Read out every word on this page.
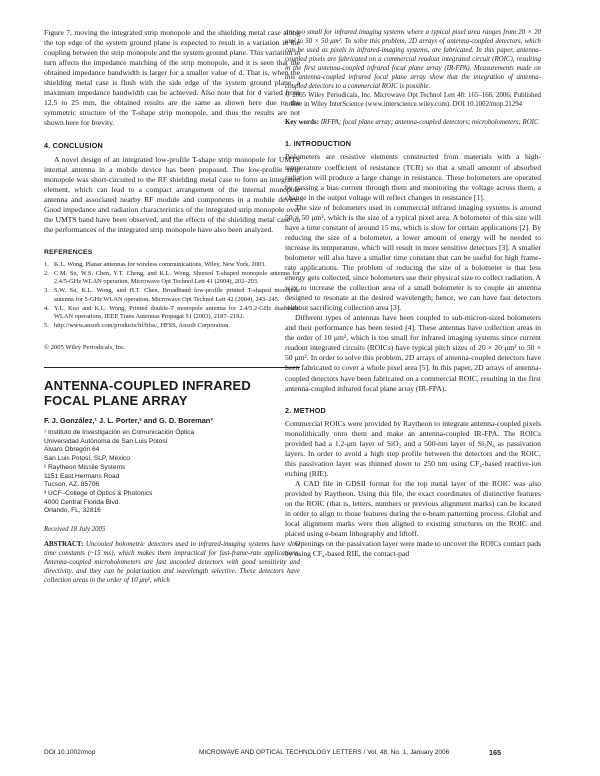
Figure 7, moving the integrated strip monopole and the shielding metal case along the top edge of the system ground plane is expected to result in a variation in the coupling between the strip monopole and the system ground plane. This variation in turn affects the impedance matching of the strip monopole, and it is seen that the obtained impedance bandwidth is larger for a smaller value of d. That is, when the shielding metal case is flush with the side edge of the system ground plane, a maximum impedance bandwidth can be achieved. Also note that for d varied from 12.5 to 25 mm, the obtained results are the same as shown here due to the symmetric structure of the T-shape strip monopole, and thus the results are not shown here for brevity.

4. CONCLUSION

A novel design of an integrated low-profile T-shape strip monopole for UMTS internal antenna in a mobile device has been proposed. The low-profile strip monopole was short-circuited to the RF shielding metal case to form an integrated element, which can lead to a compact arrangement of the internal monopole antenna and associated nearby RF module and components in a mobile device. Good impedance and radiation characteristics of the integrated strip monopole over the UMTS band have been observed, and the effects of the shielding metal case on the performances of the integrated strip monopole have also been analyzed.

REFERENCES
1. K.L. Wong, Planar antennas for wireless communications, Wiley, New York, 2003.
2. C.M. Su, W.S. Chen, Y.T. Cheng, and K.L. Wong, Shorted T-shaped monopole antenna for 2.4/5-GHz WLAN operation, Microwave Opt Technol Lett 41 (2004), 202–203.
3. S.W. Su, K.L. Wong, and H.T. Chen, Broadband low-profile printed T-shaped monopole antenna for 5-GHz WLAN operation, Microwave Opt Technol Lett 42 (2004), 243–245.
4. Y.L. Kuo and K.L. Wong, Printed double-T monopole antenna for 2.4/5.2-GHz dual-band WLAN operations, IEEE Trans Antennas Propagat 51 (2003), 2187–2192.
5. http://www.ansoft.com/products/hf/hfss/, HFSS, Ansoft Corporation.
© 2005 Wiley Periodicals, Inc.
ANTENNA-COUPLED INFRARED FOCAL PLANE ARRAY
F. J. González,¹ J. L. Porter,² and G. D. Boreman³
¹ Instituto de Investigación en Comunicación Óptica
Universidad Autónoma de San Luis Potosí
Alvaro Obregón 64
San Luis Potosí, SLP, México
² Raytheon Missile Systems
1151 East Hermans Road
Tucson, AZ, 85706
³ UCF–College of Optics & Photonics
4000 Central Florida Blvd.
Orlando, FL, 32816
Received 18 July 2005

ABSTRACT: Uncooled bolometric detectors used in infrared-imaging systems have slow time constants (~15 ms), which makes them impractical for fast-frame-rate applications. Antenna-coupled microbolometers are fast uncooled detectors with good sensitivity and directivity, and they can be polarization and wavelength selective. These detectors have collection areas in the order of 10 μm², which

are too small for infrared imaging systems where a typical pixel area ranges from 20 × 20 μm² to 50 × 50 μm². To solve this problem, 2D arrays of antenna-coupled detectors, which can be used as pixels in infrared-imaging systems, are fabricated. In this paper, antenna-coupled pixels are fabricated on a commercial readout integrated circuit (ROIC), resulting in the first antenna-coupled infrared focal plane array (IR-FPA). Measurements made on this antenna-coupled infrared focal plane array show that the integration of antenna-coupled detectors to a commercial ROIC is possible.

© 2005 Wiley Periodicals, Inc. Microwave Opt Technol Lett 48: 165–166, 2006; Published online in Wiley InterScience (www.interscience.wiley.com). DOI 10.1002/mop.21294

Key words: IRFPA; focal plane array; antenna-coupled detectors; microbolometers; ROIC

1. INTRODUCTION

Bolometers are resistive elements constructed from materials with a high-temperature coefficient of resistance (TCR) so that a small amount of absorbed radiation will produce a large change in resistance. These bolometers are operated by passing a bias current through them and monitoring the voltage across them, a change in the output voltage will reflect changes in resistance [1].

The size of bolometers used in commercial infrared imaging systems is around 50 × 50 μm², which is the size of a typical pixel area. A bolometer of this size will have a time constant of around 15 ms, which is slow for certain applications [2]. By reducing the size of a bolometer, a lower amount of energy will be needed to increase its temperature, which will result in more sensitive detectors [3]. A smaller bolometer will also have a smaller time constant that can be useful for high frame-rate applications. The problem of reducing the size of a bolometer is that less energy gets collected, since bolometers use their physical size to collect radiation. A way to increase the collection area of a small bolometer is to couple an antenna designed to resonate at the desired wavelength; hence, we can have fast detectors without sacrificing collection area [3].

Different types of antennas have been coupled to sub-micron-sized bolometers and their performance has been tested [4]. These antennas have collection areas in the order of 10 μm², which is too small for infrared imaging systems since current readout integrated circuits (ROICs) have typical pitch sizes of 20 × 20 μm² to 50 × 50 μm². In order to solve this problem, 2D arrays of antenna-coupled detectors have been fabricated to cover a whole pixel area [5]. In this paper, 2D arrays of antenna-coupled detectors have been fabricated on a commercial ROIC, resulting in the first antenna-coupled infrared focal plane array (IR-FPA).

2. METHOD

Commercial ROICs were provided by Raytheon to integrate antenna-coupled pixels monolithically onto them and make an antenna-coupled IR-FPA. The ROICs provided had a 1.2-μm layer of SiO₂ and a 500-nm layer of Si₃N₄ as passivation layers. In order to avoid a high step profile between the detectors and the ROIC, this passivation layer was thinned down to 250 nm using CF₄-based reactive-ion etching (RIE).

A CAD file in GDSII format for the top metal layer of the ROIC was also provided by Raytheon. Using this file, the exact coordinates of distinctive features on the ROIC (that is, letters, numbers or previous alignment marks) can be located in order to align to those features during the e-beam patterning process. Global and local alignment marks were then aligned to existing structures on the ROIC and placed using e-beam lithography and liftoff.

Openings on the passivation layer were made to uncover the ROICs contact pads by using CF₄-based RIE, the contact-pad

DOI 10.1002/mop	MICROWAVE AND OPTICAL TECHNOLOGY LETTERS / Vol. 48, No. 1, January 2006	165
